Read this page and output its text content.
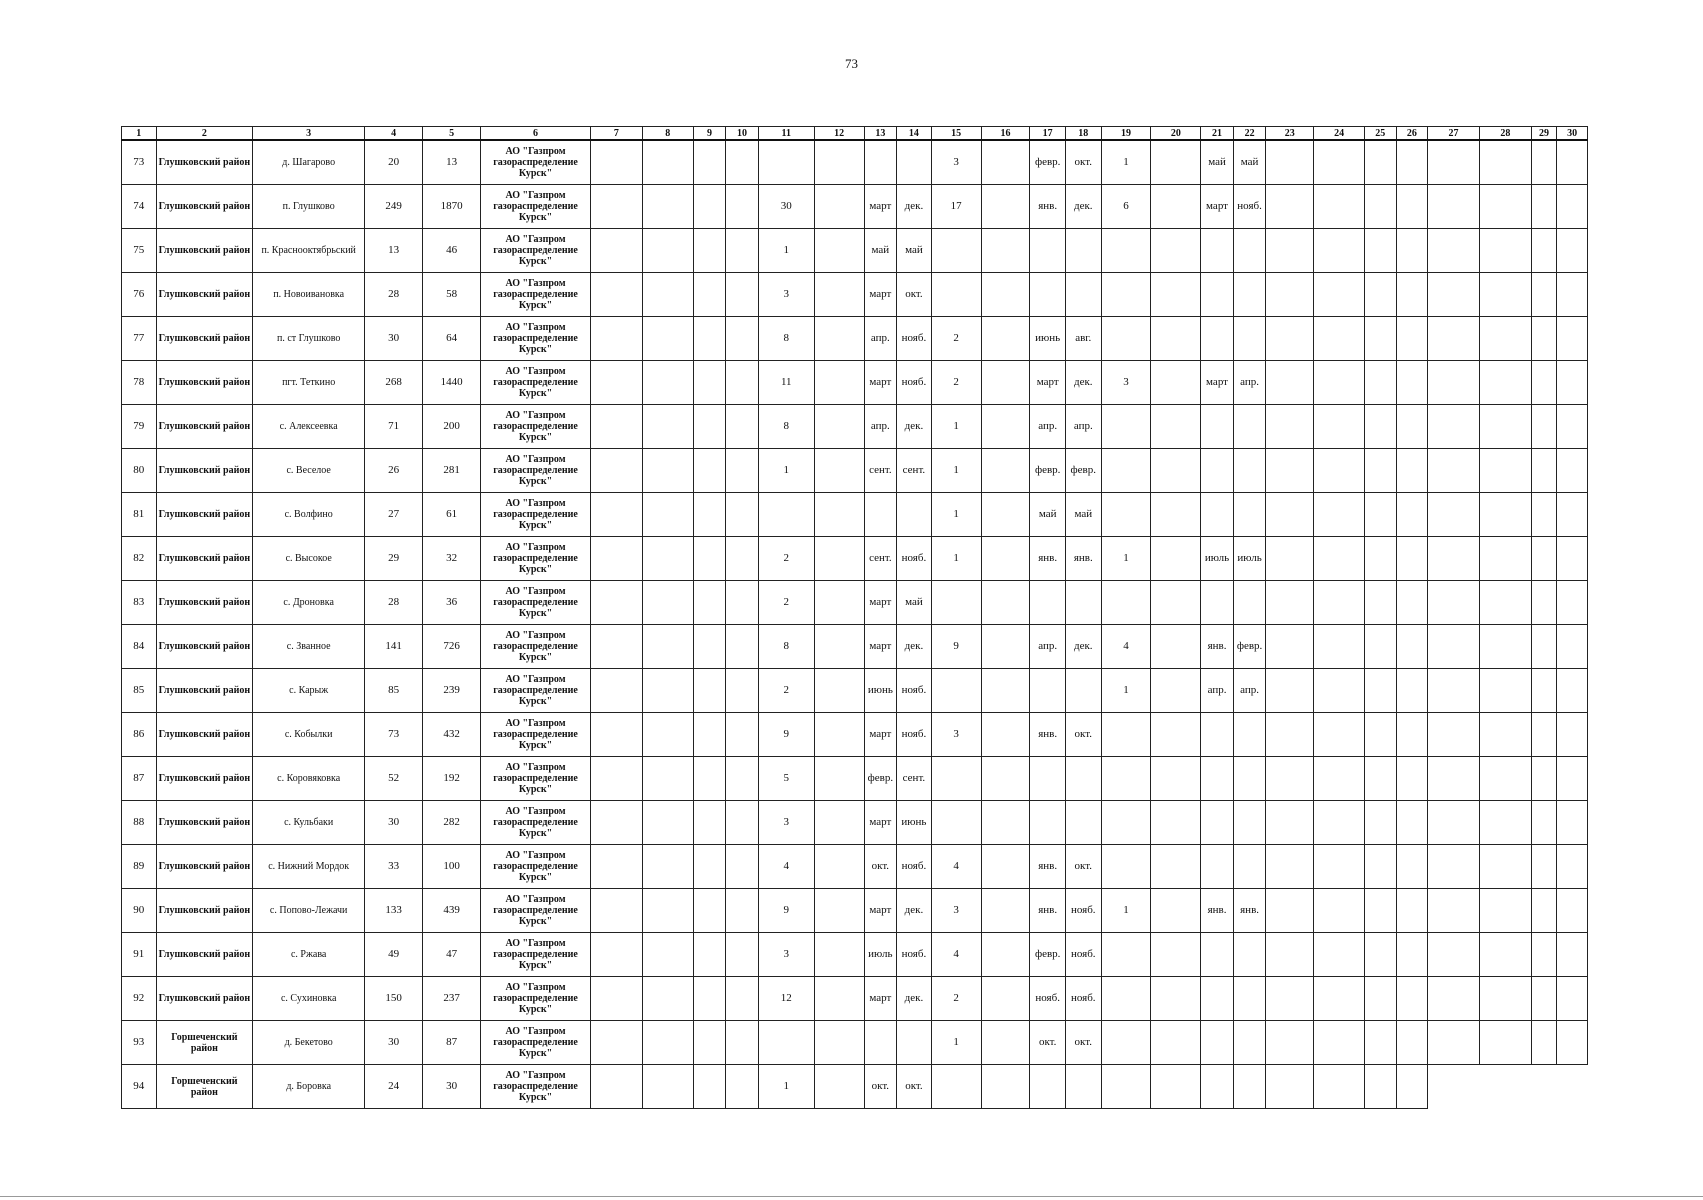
73
1	2	3	4	5	6	7	8	9	10	11	12	13	14	15	16	17	18	19	20	21	22	23	24	25	26	27	28	29	30
73	Глушковский район	д. Шагарово	20	13	АО "Газпром газораспределение Курск"									3		февр.	окт.	1		май	май								
74	Глушковский район	п. Глушково	249	1870	АО "Газпром газораспределение Курск"					30		март	дек.	17		янв.	дек.	6		март	нояб.								
75	Глушковский район	п. Краснооктябрьский	13	46	АО "Газпром газораспределение Курск"					1		май	май																
76	Глушковский район	п. Новоивановка	28	58	АО "Газпром газораспределение Курск"					3		март	окт.																
77	Глушковский район	п. ст Глушково	30	64	АО "Газпром газораспределение Курск"					8		апр.	нояб.	2		июнь	авг.												
78	Глушковский район	пгт. Теткино	268	1440	АО "Газпром газораспределение Курск"					11		март	нояб.	2		март	дек.	3		март	апр.								
79	Глушковский район	с. Алексеевка	71	200	АО "Газпром газораспределение Курск"					8		апр.	дек.	1		апр.	апр.												
80	Глушковский район	с. Веселое	26	281	АО "Газпром газораспределение Курск"					1		сент.	сент.	1		февр.	февр.												
81	Глушковский район	с. Волфино	27	61	АО "Газпром газораспределение Курск"									1		май	май												
82	Глушковский район	с. Высокое	29	32	АО "Газпром газораспределение Курск"					2		сент.	нояб.	1		янв.	янв.	1		июль	июль								
83	Глушковский район	с. Дроновка	28	36	АО "Газпром газораспределение Курск"					2		март	май																
84	Глушковский район	с. Званное	141	726	АО "Газпром газораспределение Курск"					8		март	дек.	9		апр.	дек.	4		янв.	февр.								
85	Глушковский район	с. Карыж	85	239	АО "Газпром газораспределение Курск"					2		июнь	нояб.					1		апр.	апр.								
86	Глушковский район	с. Кобылки	73	432	АО "Газпром газораспределение Курск"					9		март	нояб.	3		янв.	окт.												
87	Глушковский район	с. Коровяковка	52	192	АО "Газпром газораспределение Курск"					5		февр.	сент.																
88	Глушковский район	с. Кульбаки	30	282	АО "Газпром газораспределение Курск"					3		март	июнь																
89	Глушковский район	с. Нижний Мордок	33	100	АО "Газпром газораспределение Курск"					4		окт.	нояб.	4		янв.	окт.												
90	Глушковский район	с. Попово-Лежачи	133	439	АО "Газпром газораспределение Курск"					9		март	дек.	3		янв.	нояб.	1		янв.	янв.								
91	Глушковский район	с. Ржава	49	47	АО "Газпром газораспределение Курск"					3		июль	нояб.	4		февр.	нояб.												
92	Глушковский район	с. Сухиновка	150	237	АО "Газпром газораспределение Курск"					12		март	дек.	2		нояб.	нояб.												
93	Горшеченский район	д. Бекетово	30	87	АО "Газпром газораспределение Курск"									1		окт.	окт.												
94	Горшеченский район	д. Боровка	24	30	АО "Газпром газораспределение Курск"					1		окт.	окт.																
